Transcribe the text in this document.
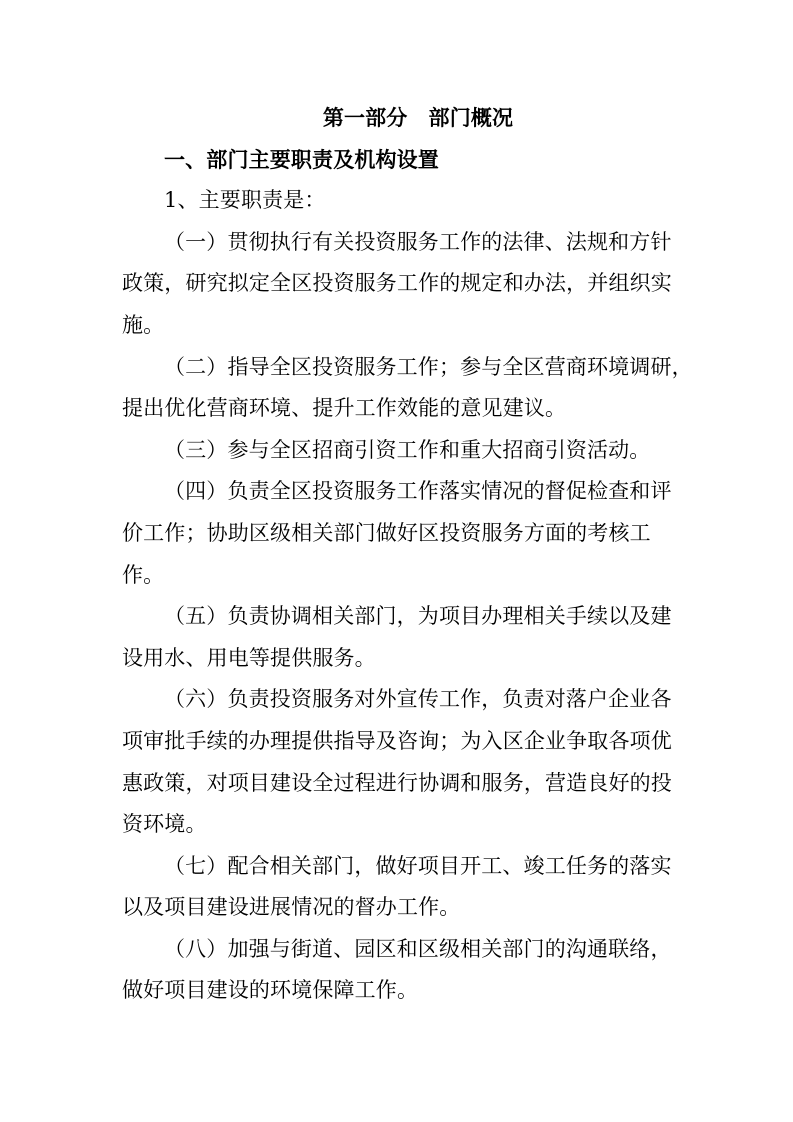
第一部分　部门概况
一、部门主要职责及机构设置
1、主要职责是：
（一）贯彻执行有关投资服务工作的法律、法规和方针
政策，研究拟定全区投资服务工作的规定和办法，并组织实
施。
（二）指导全区投资服务工作；参与全区营商环境调研，
提出优化营商环境、提升工作效能的意见建议。
（三）参与全区招商引资工作和重大招商引资活动。
（四）负责全区投资服务工作落实情况的督促检查和评
价工作；协助区级相关部门做好区投资服务方面的考核工
作。
（五）负责协调相关部门，为项目办理相关手续以及建
设用水、用电等提供服务。
（六）负责投资服务对外宣传工作，负责对落户企业各
项审批手续的办理提供指导及咨询；为入区企业争取各项优
惠政策，对项目建设全过程进行协调和服务，营造良好的投
资环境。
（七）配合相关部门，做好项目开工、竣工任务的落实
以及项目建设进展情况的督办工作。
（八）加强与街道、园区和区级相关部门的沟通联络，
做好项目建设的环境保障工作。
